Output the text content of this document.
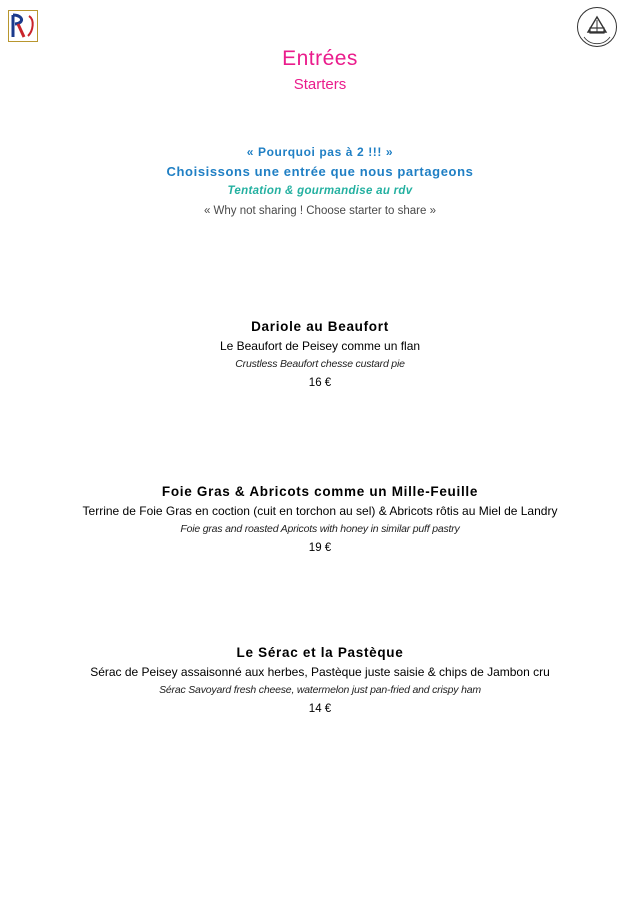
Entrées
Starters
« Pourquoi pas à 2 !!! »
Choisissons une entrée que nous partageons
Tentation & gourmandise au rdv
« Why not sharing ! Choose starter to share »
Dariole au Beaufort
Le Beaufort de Peisey comme un flan
Crustless Beaufort chesse custard pie
16 €
Foie Gras & Abricots comme un Mille-Feuille
Terrine de Foie Gras en coction (cuit en torchon au sel) & Abricots rôtis au Miel de Landry
Foie gras and roasted Apricots with honey in similar puff pastry
19 €
Le Sérac et la Pastèque
Sérac de Peisey assaisonné aux herbes, Pastèque juste saisie & chips de Jambon cru
Sérac Savoyard fresh cheese, watermelon just pan-fried and crispy ham
14 €
